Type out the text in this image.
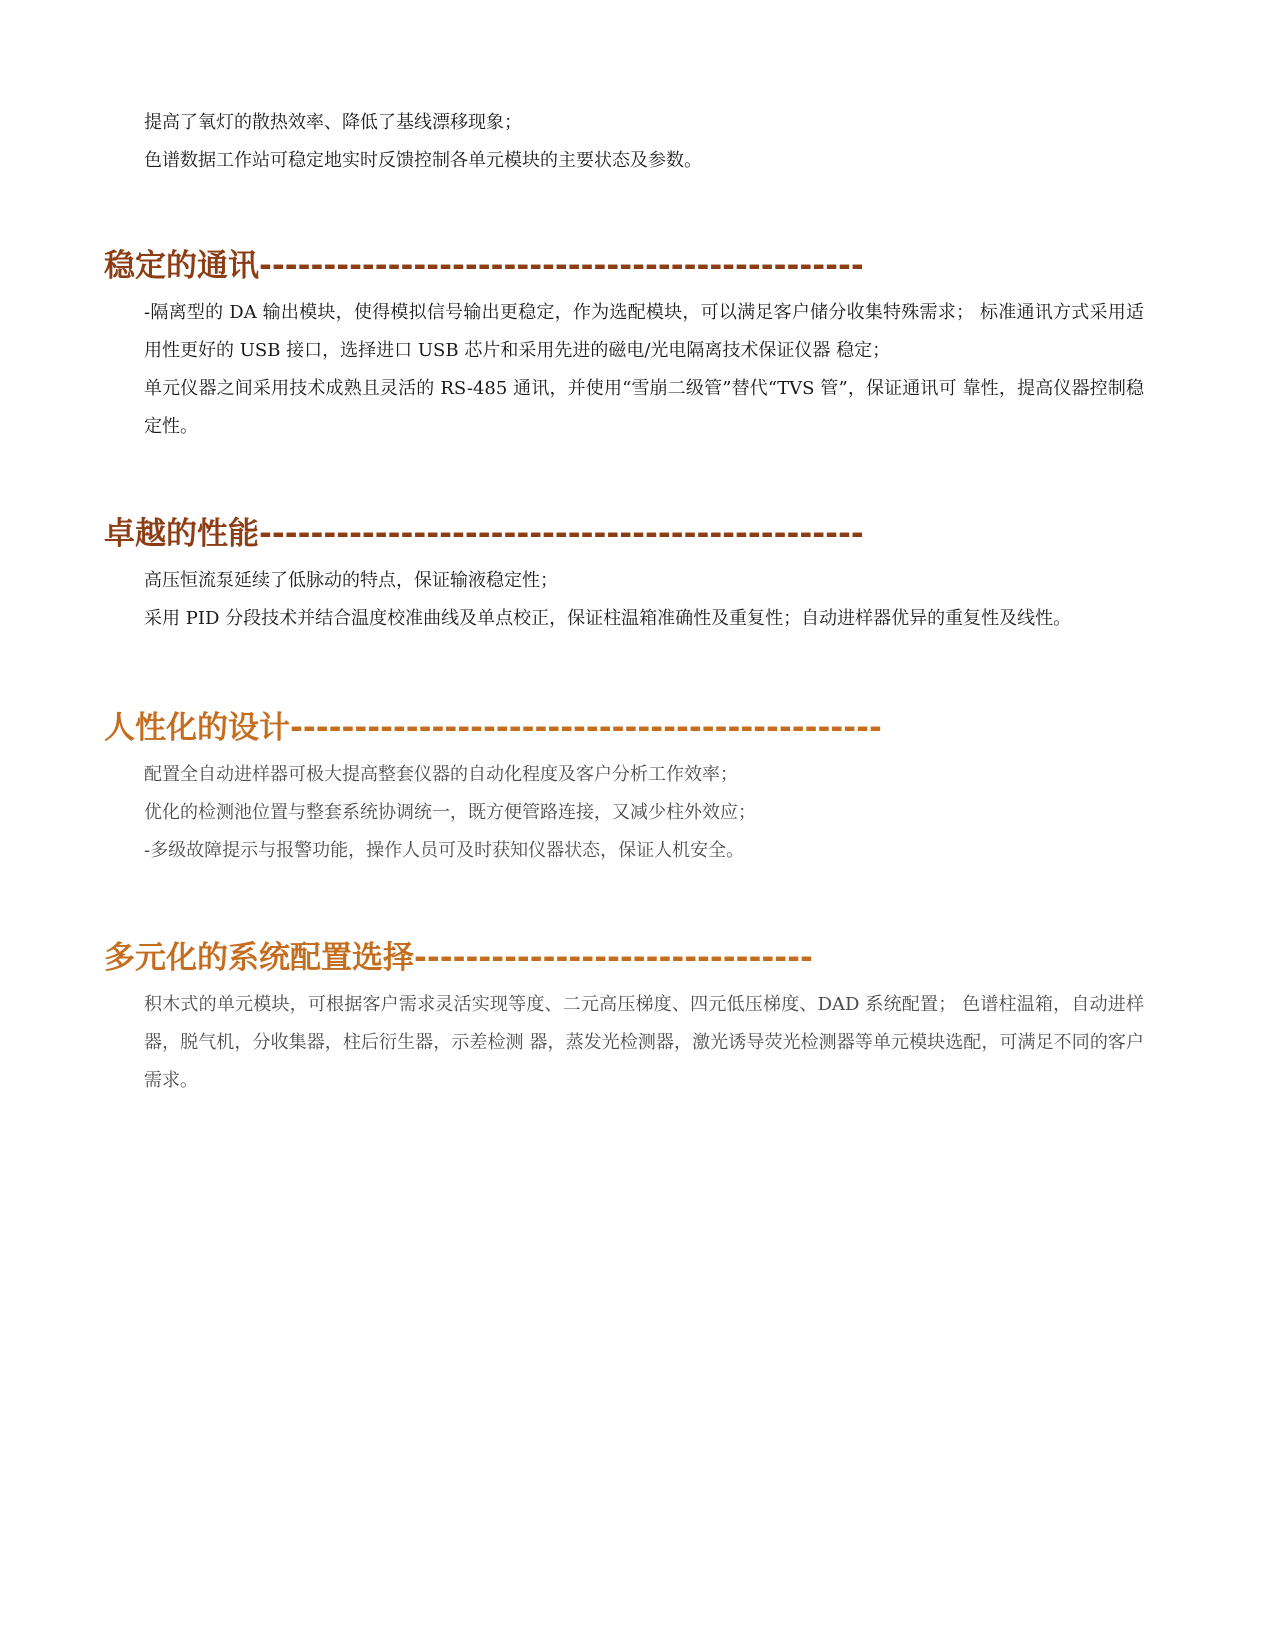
提高了氧灯的散热效率、降低了基线漂移现象；

色谱数据工作站可稳定地实时反馈控制各单元模块的主要状态及参数。

稳定的通讯-----------------------------------------------

-隔离型的 DA 输出模块，使得模拟信号输出更稳定，作为选配模块，可以满足客户储分收集特殊需求； 标准通讯方式采用适用性更好的 USB 接口，选择进口 USB 芯片和采用先进的磁电/光电隔离技术保证仪器 稳定；

单元仪器之间采用技术成熟且灵活的 RS-485 通讯，并使用“雪崩二级管”替代“TVS 管”，保证通讯可 靠性，提高仪器控制稳定性。

卓越的性能-----------------------------------------------

高压恒流泵延续了低脉动的特点，保证输液稳定性；

采用 PID 分段技术并结合温度校准曲线及单点校正，保证柱温箱准确性及重复性；自动进样器优异的重复性及线性。

人性化的设计----------------------------------------------

配置全自动进样器可极大提高整套仪器的自动化程度及客户分析工作效率；

优化的检测池位置与整套系统协调统一，既方便管路连接，又减少柱外效应；

-多级故障提示与报警功能，操作人员可及时获知仪器状态，保证人机安全。

多元化的系统配置选择-------------------------------

积木式的单元模块，可根据客户需求灵活实现等度、二元高压梯度、四元低压梯度、DAD 系统配置； 色谱柱温箱，自动进样器，脱气机，分收集器，柱后衍生器，示差检测 器，蒸发光检测器，激光诱导荧光检测器等单元模块选配，可满足不同的客户需求。
